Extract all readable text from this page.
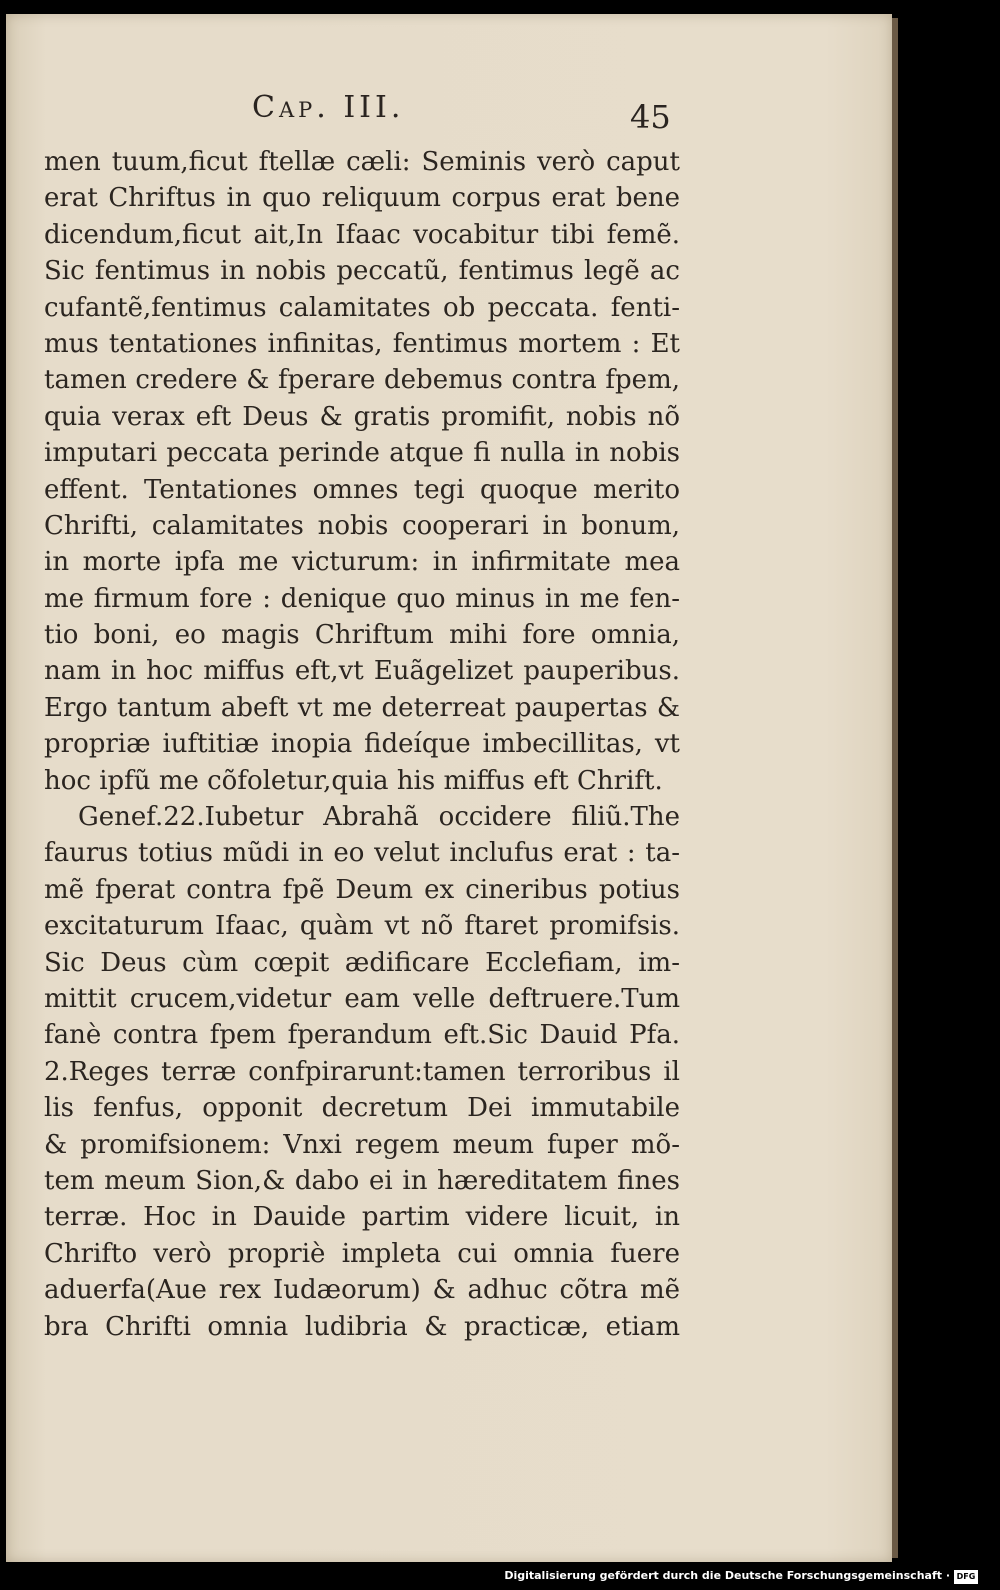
Cap. III.	45
men tuum,ficut ftellæ cæli: Seminis verò caput
erat Chriftus in quo reliquum corpus erat bene
dicendum,ficut ait,In Ifaac vocabitur tibi femẽ.
Sic fentimus in nobis peccatũ, fentimus legẽ ac
cufantẽ,fentimus calamitates ob peccata. fenti-
mus tentationes infinitas, fentimus mortem : Et
tamen credere & fperare debemus contra fpem,
quia verax eft Deus & gratis promifit, nobis nõ
imputari peccata perinde atque fi nulla in nobis
effent. Tentationes omnes tegi quoque merito
Chrifti, calamitates nobis cooperari in bonum,
in morte ipfa me victurum: in infirmitate mea
me firmum fore : denique quo minus in me fen-
tio boni, eo magis Chriftum mihi fore omnia,
nam in hoc miffus eft,vt Euãgelizet pauperibus.
Ergo tantum abeft vt me deterreat paupertas &
propriæ iuftitiæ inopia fideíque imbecillitas, vt
hoc ipfũ me cõfoletur,quia his miffus eft Chrift.
Genef.22.Iubetur Abrahã occidere filiũ.The
faurus totius mũdi in eo velut inclufus erat : ta-
mẽ fperat contra fpẽ Deum ex cineribus potius
excitaturum Ifaac, quàm vt nõ ftaret promifsis.
Sic Deus cùm cœpit ædificare Ecclefiam, im-
mittit crucem,videtur eam velle deftruere.Tum
fanè contra fpem fperandum eft.Sic Dauid Pfa.
2.Reges terræ confpirarunt:tamen terroribus il
lis fenfus, opponit decretum Dei immutabile
& promifsionem: Vnxi regem meum fuper mõ-
tem meum Sion,& dabo ei in hæreditatem fines
terræ. Hoc in Dauide partim videre licuit, in
Chrifto verò propriè impleta cui omnia fuere
aduerfa(Aue rex Iudæorum) & adhuc cõtra mẽ
bra Chrifti omnia ludibria & practicæ, etiam
Digitalisierung gefördert durch die Deutsche Forschungsgemeinschaft · DFG
